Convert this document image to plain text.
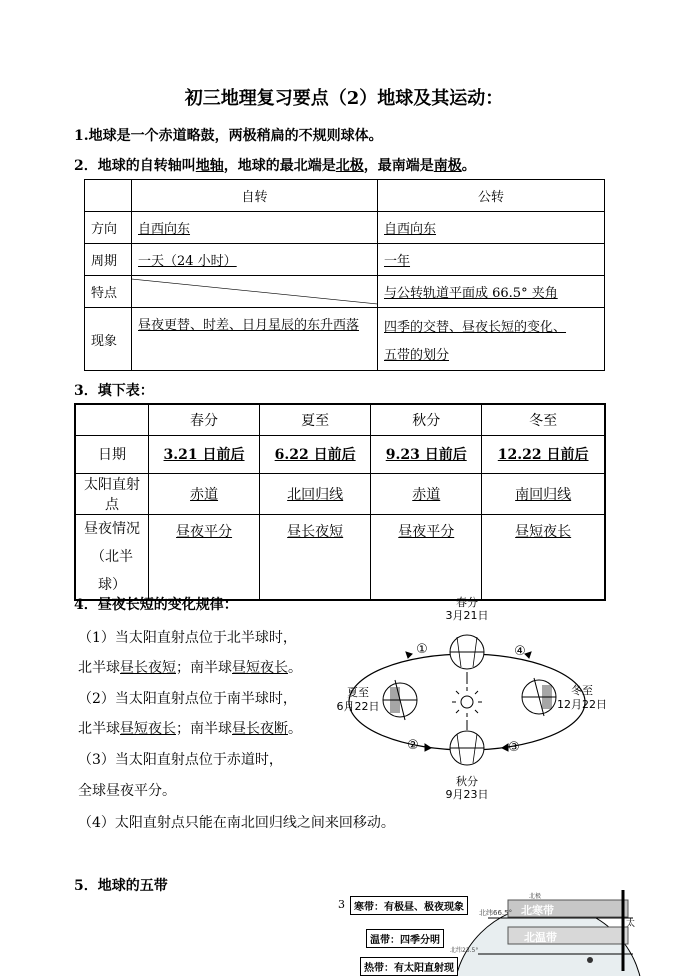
初三地理复习要点（2）地球及其运动：
1.地球是一个赤道略鼓，两极稍扁的不规则球体。
2．地球的自转轴叫地轴，地球的最北端是北极，最南端是南极。
	自转	公转
方向	自西向东	自西向东
周期	一天（24 小时）	一年
特点		与公转轨道平面成 66.5° 夹角
现象	昼夜更替、时差、日月星辰的东升西落	四季的交替、昼夜长短的变化、
五带的划分
3．填下表：
	春分	夏至	秋分	冬至
日期	3.21 日前后	6.22 日前后	9.23 日前后	12.22 日前后
太阳直射点	赤道	北回归线	赤道	南回归线
昼夜情况
（北半球）	昼夜平分	昼长夜短	昼夜平分	昼短夜长
4．昼夜长短的变化规律：
（1）当太阳直射点位于北半球时，
北半球昼长夜短；南半球昼短夜长。
（2）当太阳直射点位于南半球时，
北半球昼短夜长；南半球昼长夜断。
（3）当太阳直射点位于赤道时，
全球昼夜平分。
（4）太阳直射点只能在南北回归线之间来回移动。
春分
3月21日
夏至
6月22日
冬至
12月22日
秋分
9月23日
①	④
②	③
5．地球的五带
北极
北纬66.5° 北寒带
北温带
北纬23.5°
太
3 寒带：有极昼、极夜现象
温带：四季分明
热带：有太阳直射现
